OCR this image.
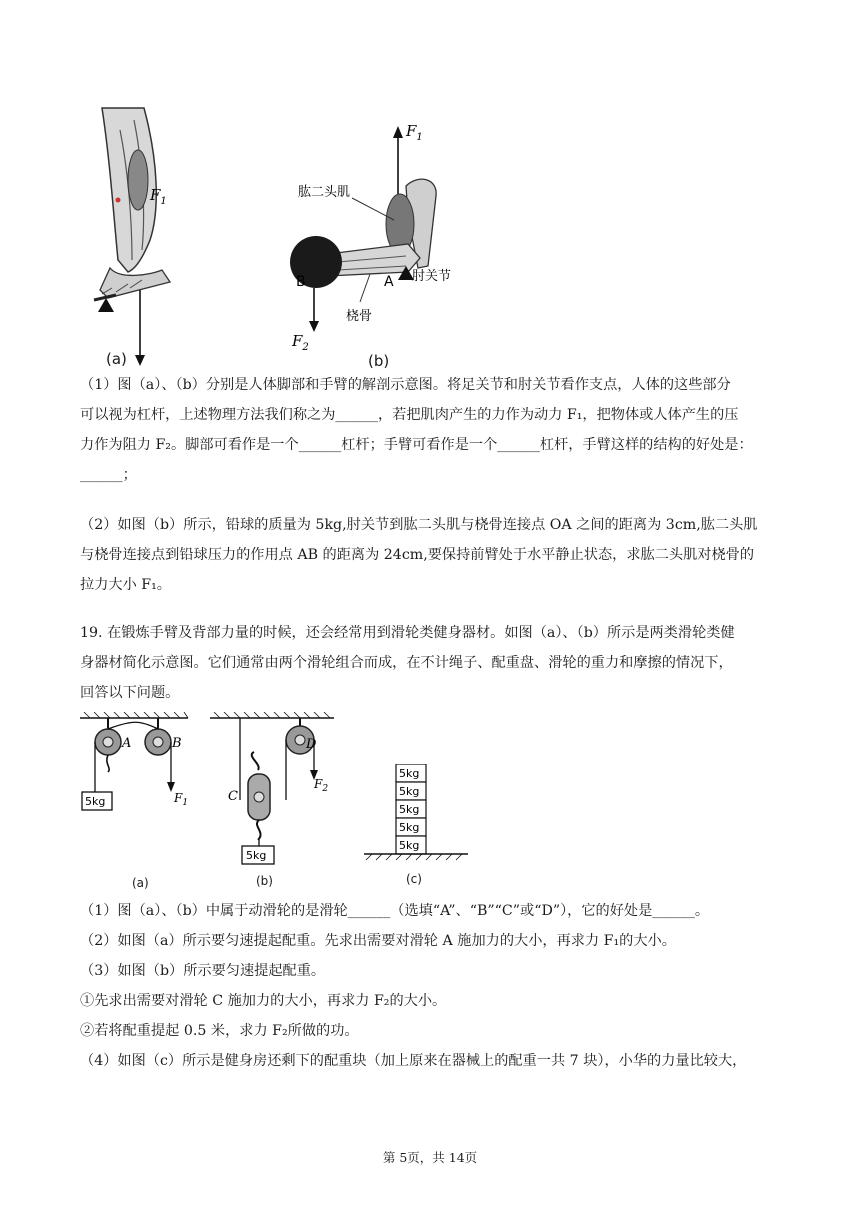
$F_1$
(a)
$F_1$
$F_2$
肱二头肌
B	A 肘关节
桡骨
(b)
（1）图（a）、（b）分别是人体脚部和手臂的解剖示意图。将足关节和肘关节看作支点，人体的这些部分
可以视为杠杆，上述物理方法我们称之为______，若把肌肉产生的力作为动力 F₁，把物体或人体产生的压
力作为阻力 F₂。脚部可看作是一个______杠杆；手臂可看作是一个______杠杆，手臂这样的结构的好处是：
______；
（2）如图（b）所示，铅球的质量为 5kg,肘关节到肱二头肌与桡骨连接点 OA 之间的距离为 3cm,肱二头肌
与桡骨连接点到铅球压力的作用点 AB 的距离为 24cm,要保持前臂处于水平静止状态，求肱二头肌对桡骨的
拉力大小 F₁。
19. 在锻炼手臂及背部力量的时候，还会经常用到滑轮类健身器材。如图（a）、（b）所示是两类滑轮类健
身器材简化示意图。它们通常由两个滑轮组合而成，在不计绳子、配重盘、滑轮的重力和摩擦的情况下，
回答以下问题。
5kg
A	B
$F_1$
(a)
5kg
C
D
$F_2$
(b)
5kg
5kg
5kg
5kg
5kg
(c)
（1）图（a）、（b）中属于动滑轮的是滑轮______（选填“A”、“B”“C”或“D”），它的好处是______。
（2）如图（a）所示要匀速提起配重。先求出需要对滑轮 A 施加力的大小，再求力 F₁的大小。
（3）如图（b）所示要匀速提起配重。
①先求出需要对滑轮 C 施加力的大小，再求力 F₂的大小。
②若将配重提起 0.5 米，求力 F₂所做的功。
（4）如图（c）所示是健身房还剩下的配重块（加上原来在器械上的配重一共 7 块），小华的力量比较大，
第 5页，共 14页
